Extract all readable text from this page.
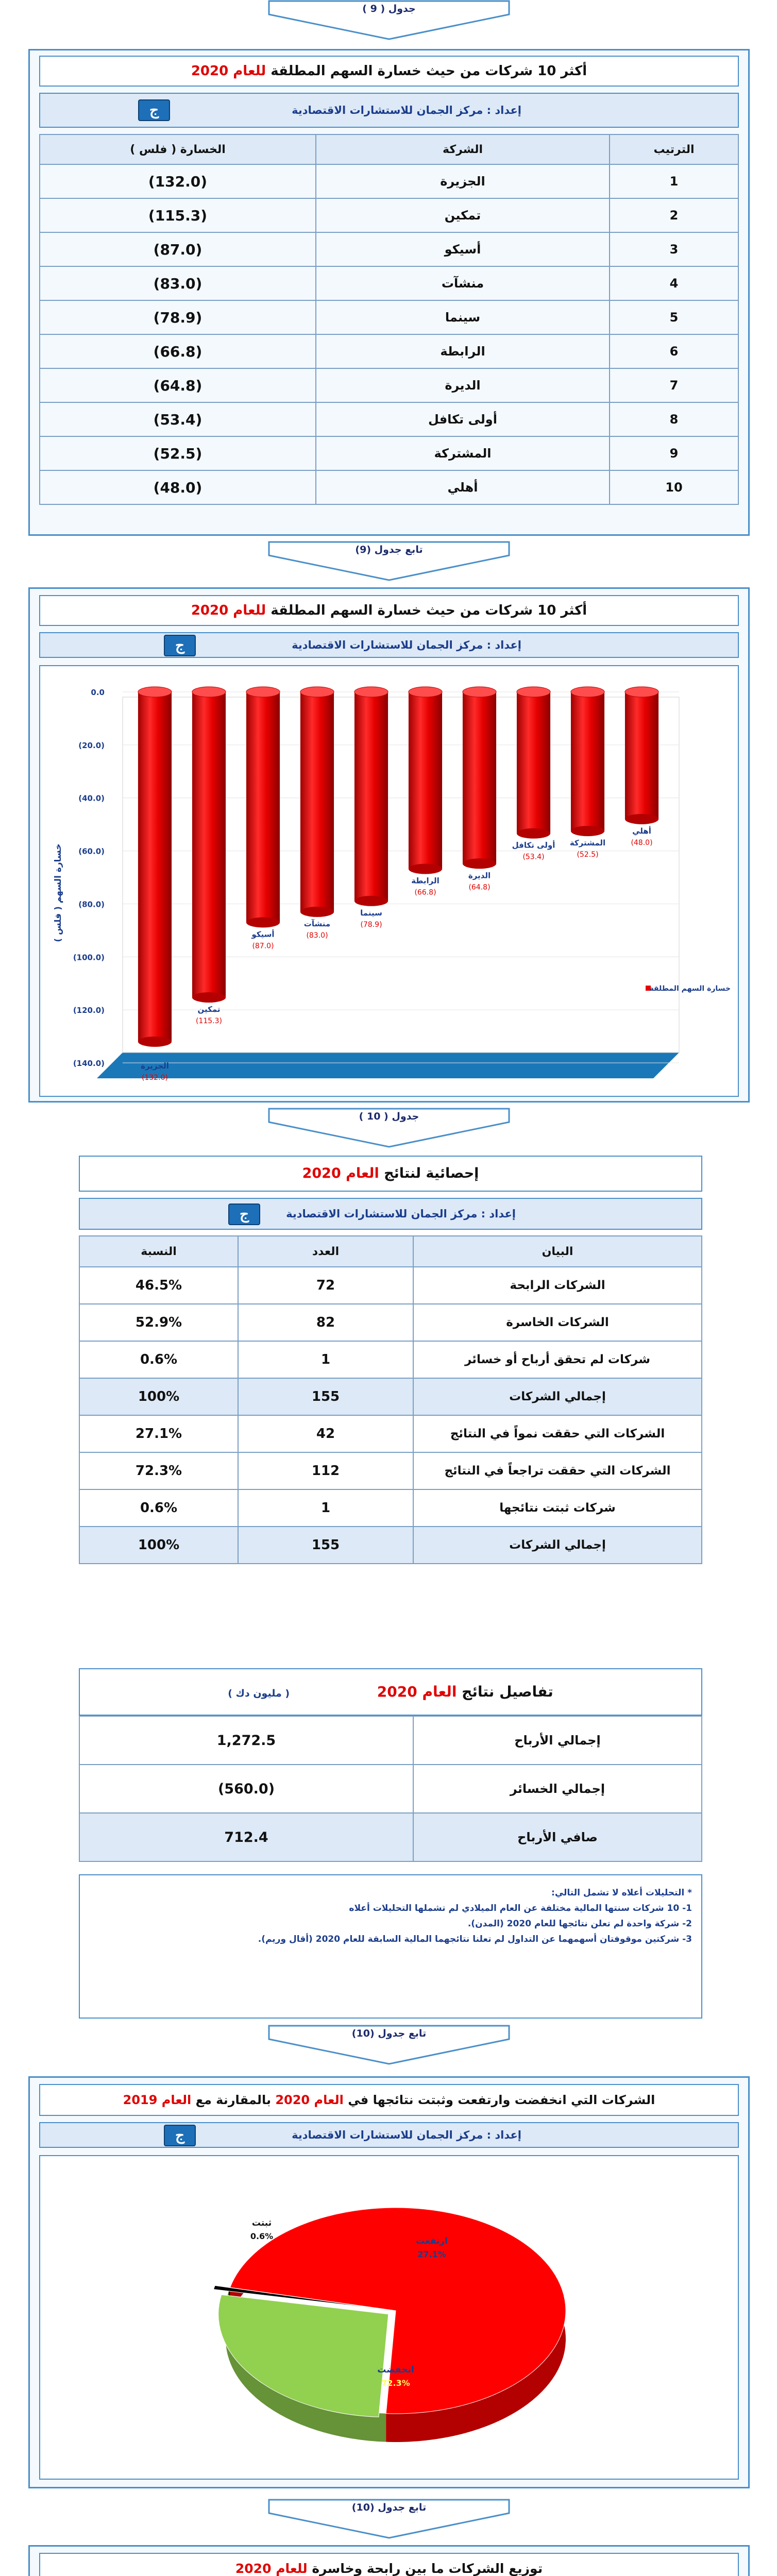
جدول ( 9 )
أكثر 10 شركات من حيث خسارة السهم المطلقة للعام 2020
إعداد : مركز الجمان للاستشارات الاقتصادية
ج
الترتيب	الشركة	الخسارة ( فلس )
1	الجزيرة	(132.0)
2	تمكين	(115.3)
3	أسيكو	(87.0)
4	منشآت	(83.0)
5	سينما	(78.9)
6	الرابطة	(66.8)
7	الديرة	(64.8)
8	أولى تكافل	(53.4)
9	المشتركة	(52.5)
10	أهلي	(48.0)
تابع جدول (9)
أكثر 10 شركات من حيث خسارة السهم المطلقة للعام 2020
إعداد : مركز الجمان للاستشارات الاقتصادية
ج
0.0
(20.0)
(40.0)
(60.0)
(80.0)
(100.0)
(120.0)
(140.0)
خسارة السهم ( فلس )
الجزيرة
(132.0)
تمكين
(115.3)
أسيكو
(87.0)
منشآت
(83.0)
سينما
(78.9)
الرابطة
(66.8)
الديرة
(64.8)
أولى تكافل
(53.4)
المشتركة
(52.5)
أهلي
(48.0)
خسارة السهم المطلقة
جدول ( 10 )
إحصائية لنتائج العام 2020
إعداد : مركز الجمان للاستشارات الاقتصادية
ج
البيان	العدد	النسبة
الشركات الرابحة	72	46.5%
الشركات الخاسرة	82	52.9%
شركات لم تحقق أرباح أو خسائر	1	0.6%
إجمالي الشركات	155	100%
الشركات التي حققت نمواً في النتائج	42	27.1%
الشركات التي حققت تراجعاً في النتائج	112	72.3%
شركات ثبتت نتائجها	1	0.6%
إجمالي الشركات	155	100%
تفاصيل نتائج العام 2020 ( مليون دك )
إجمالي الأرباح	1,272.5
إجمالي الخسائر	(560.0)
صافي الأرباح	712.4
* التحليلات أعلاه لا تشمل التالي:
1- 10 شركات سنتها المالية مختلفة عن العام الميلادي لم تشملها التحليلات أعلاه
2- شركة واحدة لم تعلن نتائجها للعام 2020 (المدن).
3- شركتين موقوفتان أسهمهما عن التداول لم تعلنا نتائجهما المالية السابقة للعام 2020 (أقال وريم).
تابع جدول (10)
الشركات التي انخفضت وارتفعت وثبتت نتائجها في العام 2020 بالمقارنة مع العام 2019
إعداد : مركز الجمان للاستشارات الاقتصادية
ج
انخفضت
72.3%
ارتفعت
27.1%
ثبتت
0.6%
تابع جدول (10)
توزيع الشركات ما بين رابحة وخاسرة للعام 2020
